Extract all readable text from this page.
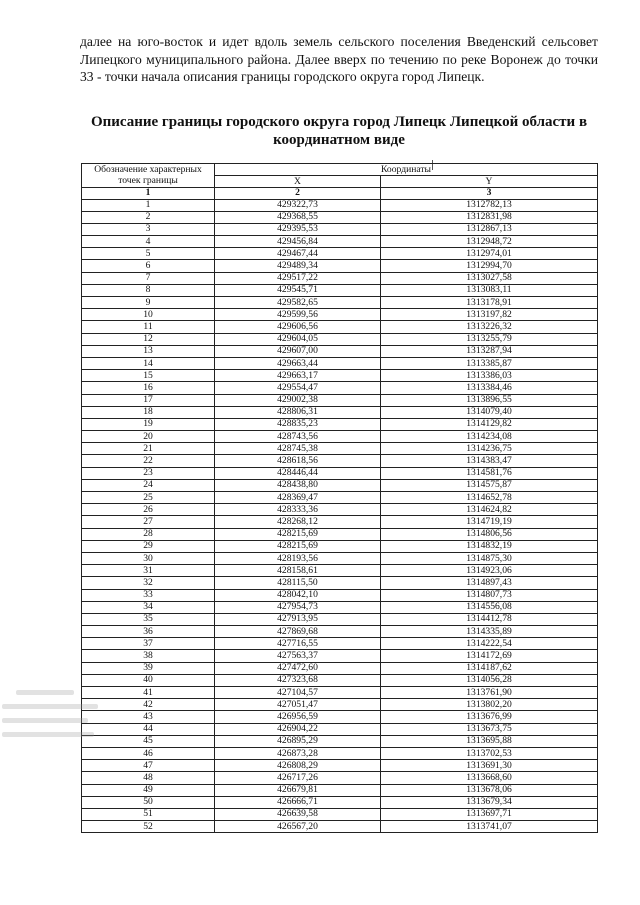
далее на юго-восток и идет вдоль земель сельского поселения Введенский сельсовет Липецкого муниципального района. Далее вверх по течению по реке Воронеж до точки 33 - точки начала описания границы городского округа город Липецк.

Описание границы городского округа город Липецк Липецкой области в координатном виде
Обозначение характерных точек границы	Координаты	
	X	Y
1	2	3
1	429322,73	1312782,13
2	429368,55	1312831,98
3	429395,53	1312867,13
4	429456,84	1312948,72
5	429467,44	1312974,01
6	429489,34	1312994,70
7	429517,22	1313027,58
8	429545,71	1313083,11
9	429582,65	1313178,91
10	429599,56	1313197,82
11	429606,56	1313226,32
12	429604,05	1313255,79
13	429607,00	1313287,94
14	429663,44	1313385,87
15	429663,17	1313386,03
16	429554,47	1313384,46
17	429002,38	1313896,55
18	428806,31	1314079,40
19	428835,23	1314129,82
20	428743,56	1314234,08
21	428745,38	1314236,75
22	428618,56	1314383,47
23	428446,44	1314581,76
24	428438,80	1314575,87
25	428369,47	1314652,78
26	428333,36	1314624,82
27	428268,12	1314719,19
28	428215,69	1314806,56
29	428215,69	1314832,19
30	428193,56	1314875,30
31	428158,61	1314923,06
32	428115,50	1314897,43
33	428042,10	1314807,73
34	427954,73	1314556,08
35	427913,95	1314412,78
36	427869,68	1314335,89
37	427716,55	1314222,54
38	427563,37	1314172,69
39	427472,60	1314187,62
40	427323,68	1314056,28
41	427104,57	1313761,90
42	427051,47	1313802,20
43	426956,59	1313676,99
44	426904,22	1313673,75
45	426895,29	1313695,88
46	426873,28	1313702,53
47	426808,29	1313691,30
48	426717,26	1313668,60
49	426679,81	1313678,06
50	426666,71	1313679,34
51	426639,58	1313697,71
52	426567,20	1313741,07
